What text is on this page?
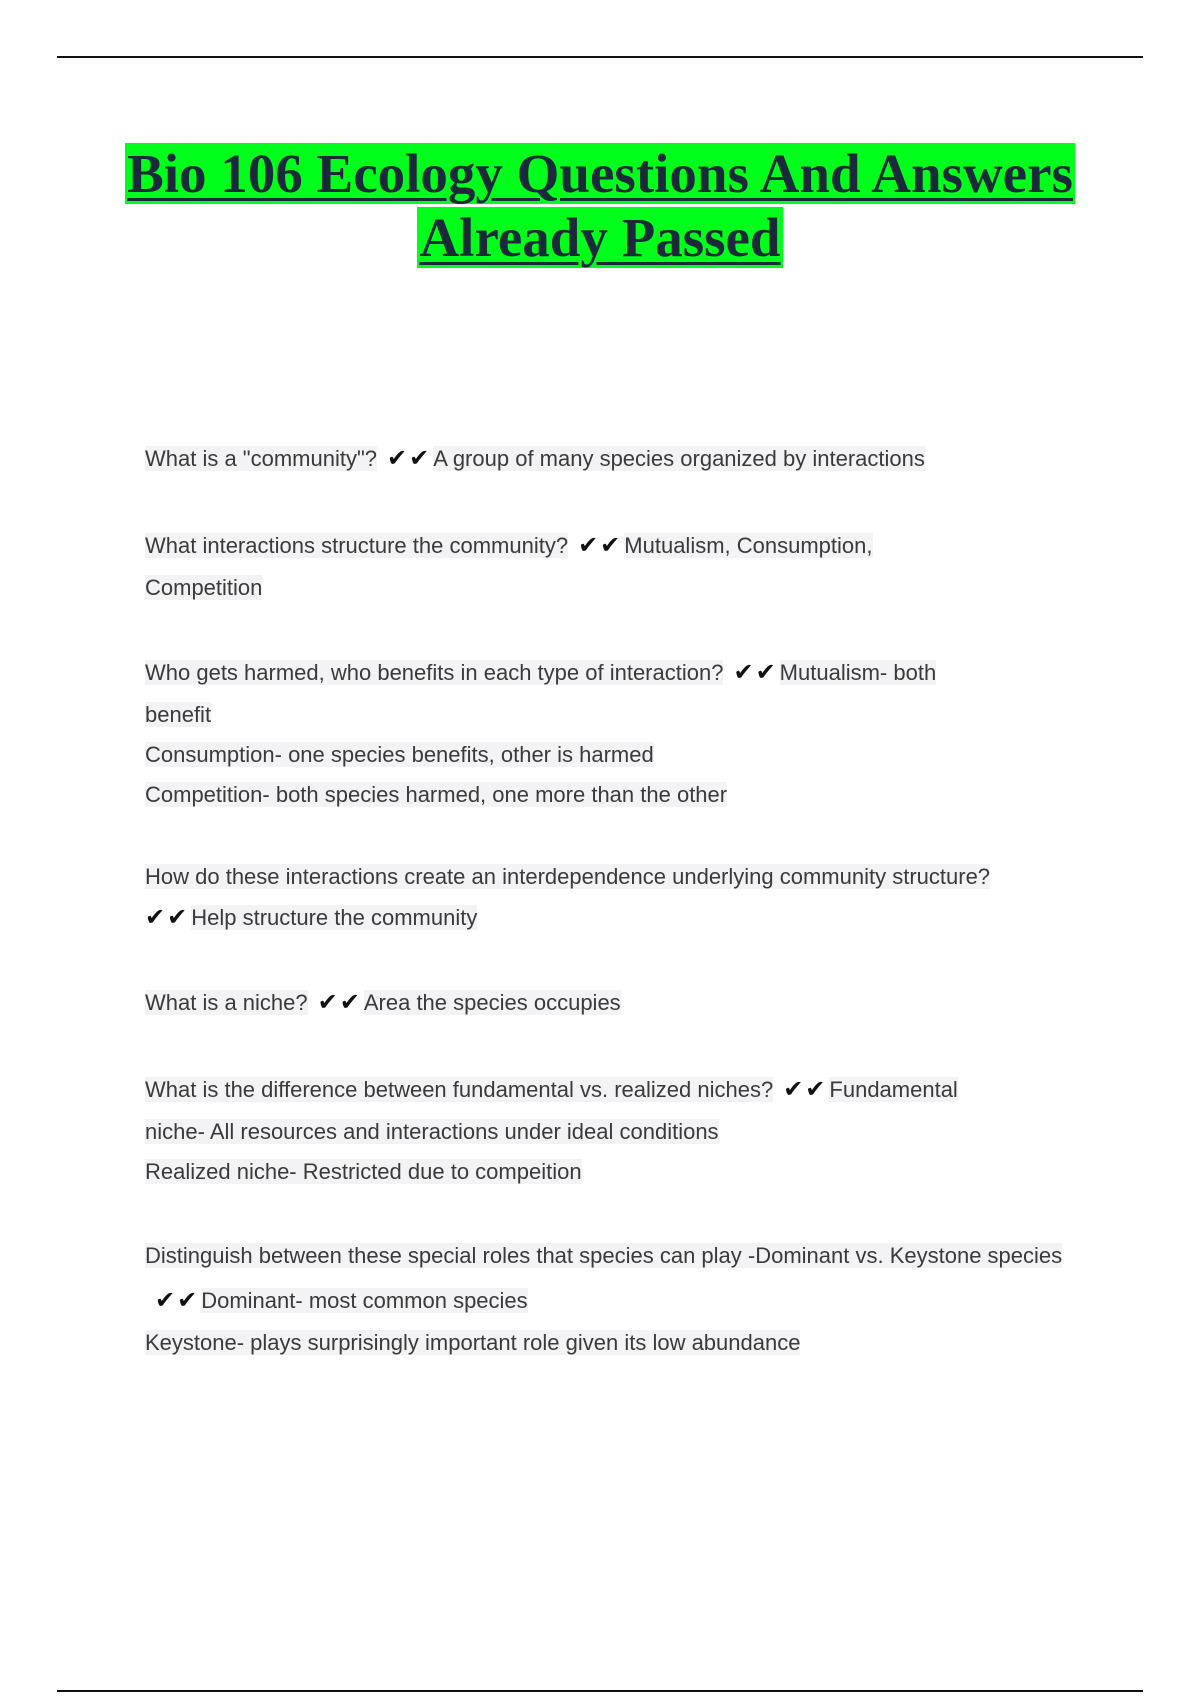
Bio 106 Ecology Questions And Answers Already Passed
What is a "community"? ✔✔A group of many species organized by interactions
What interactions structure the community? ✔✔Mutualism, Consumption,
Competition
Who gets harmed, who benefits in each type of interaction? ✔✔Mutualism- both
benefit
Consumption- one species benefits, other is harmed
Competition- both species harmed, one more than the other
How do these interactions create an interdependence underlying community structure?
✔✔Help structure the community
What is a niche? ✔✔Area the species occupies
What is the difference between fundamental vs. realized niches? ✔✔Fundamental
niche- All resources and interactions under ideal conditions
Realized niche- Restricted due to compeition
Distinguish between these special roles that species can play -Dominant vs. Keystone species✔✔Dominant- most common species
Keystone- plays surprisingly important role given its low abundance
